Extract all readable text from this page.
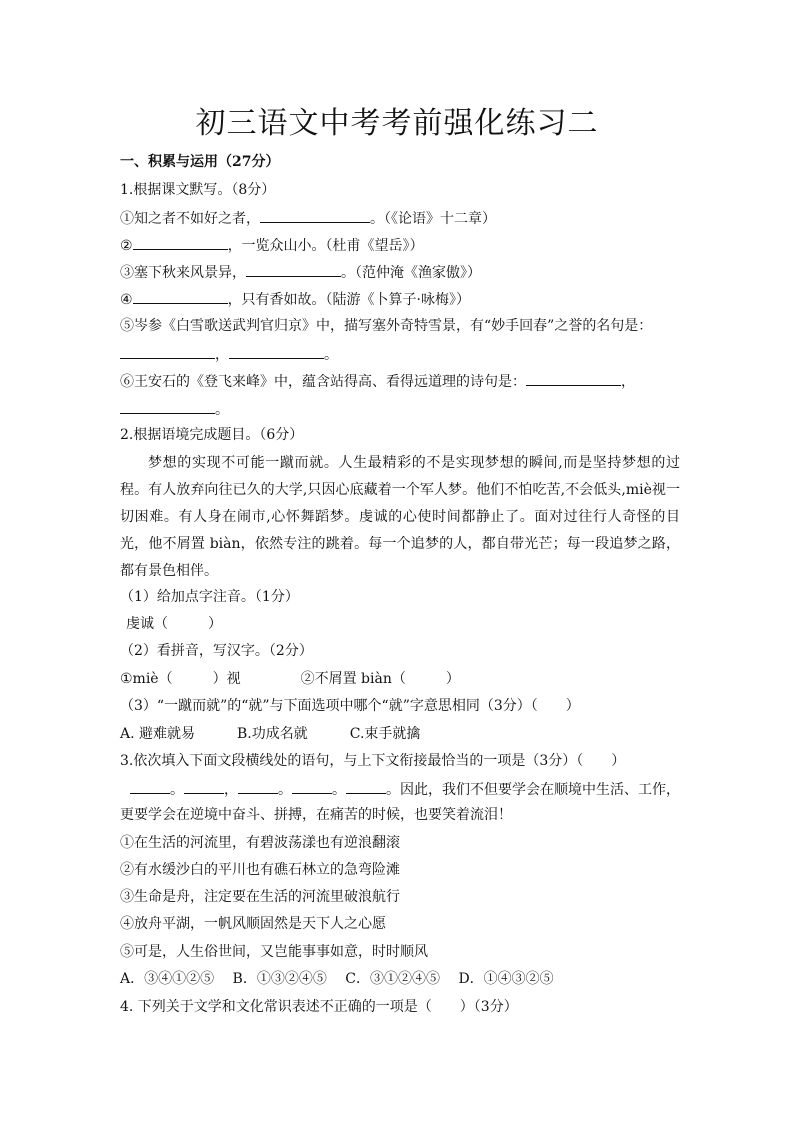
初三语文中考考前强化练习二
一、积累与运用（27分）
1.根据课文默写。（8分）
①知之者不如好之者，	。（《论语》十二章）
②	，一览众山小。（杜甫《望岳》）
③塞下秋来风景异，	。（范仲淹《渔家傲》）
④	，只有香如故。（陆游《卜算子·咏梅》）
⑤岑参《白雪歌送武判官归京》中，描写塞外奇特雪景，有“妙手回春”之誉的名句是：
，	。
⑥王安石的《登飞来峰》中，蕴含站得高、看得远道理的诗句是：	，
。
2.根据语境完成题目。（6分）
梦想的实现不可能一蹴而就。人生最精彩的不是实现梦想的瞬间,而是坚持梦想的过程。有人放弃向往已久的大学,只因心底藏着一个军人梦。他们不怕吃苦,不会低头,miè视一切困难。有人身在闹市,心怀舞蹈梦。虔诚的心使时间都静止了。面对过往行人奇怪的目光，他不屑置 biàn，依然专注的跳着。每一个追梦的人，都自带光芒；每一段追梦之路，都有景色相伴。
（1）给加点字注音。（1分）
虔诚（	）
（2）看拼音，写汉字。（2分）
①miè（	）视	②不屑置 biàn（	）
（3）“一蹴而就”的“就”与下面选项中哪个“就”字意思相同（3分）（　　）
A. 避难就易　　　B.功成名就　　　C.束手就擒
3.依次填入下面文段横线处的语句，与上下文衔接最恰当的一项是（3分）（　　）
。	，	。	。	。因此，我们不但要学会在顺境中生活、工作，
更要学会在逆境中奋斗、拼搏，在痛苦的时候，也要笑着流泪！
①在生活的河流里，有碧波荡漾也有逆浪翻滚
②有水缓沙白的平川也有礁石林立的急弯险滩
③生命是舟，注定要在生活的河流里破浪航行
④放舟平湖，一帆风顺固然是天下人之心愿
⑤可是，人生俗世间，又岂能事事如意，时时顺风
A．③④①②⑤　 B．①③②④⑤　 C．③①②④⑤　 D．①④③②⑤
4. 下列关于文学和文化常识表述不正确的一项是（　　）（3分）
